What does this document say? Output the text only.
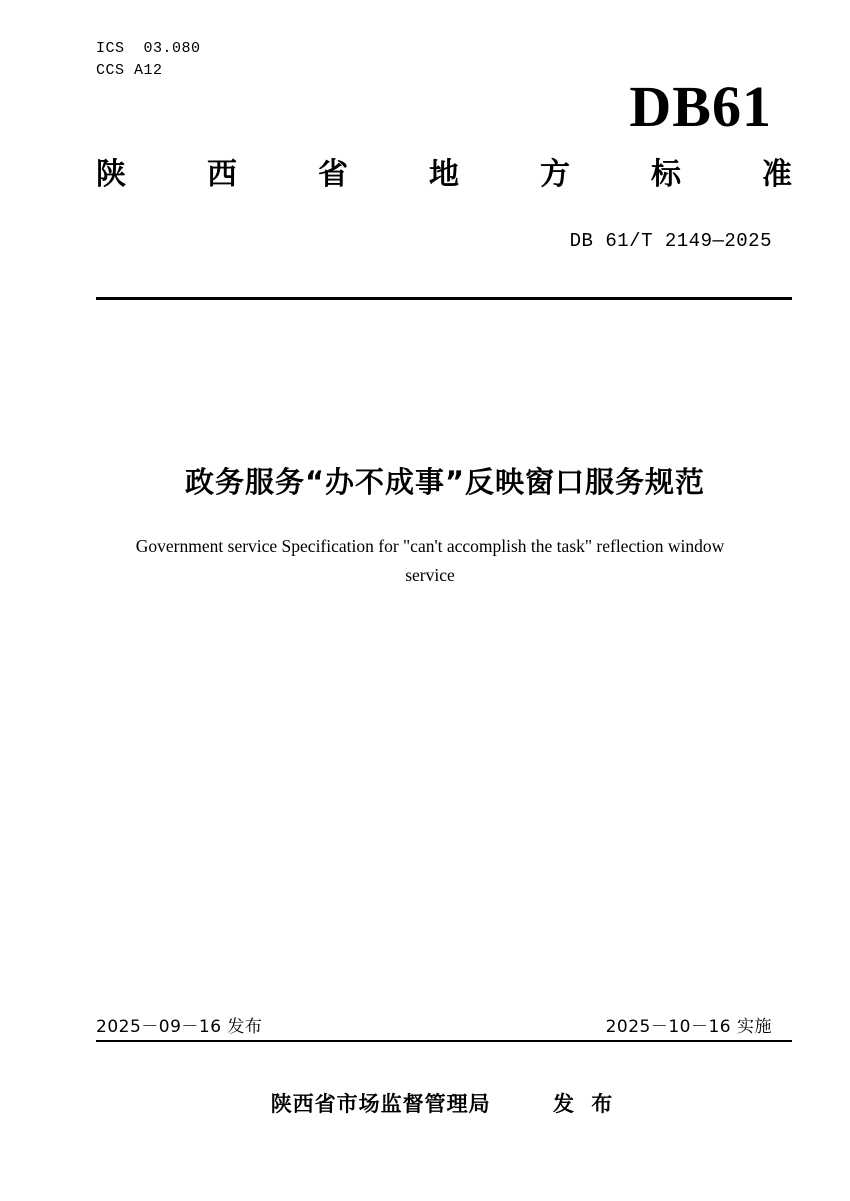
ICS  03.080
CCS A12
DB61
陕	西	省	地	方	标	准
DB 61/T 2149—2025
政务服务“办不成事”反映窗口服务规范
Government service Specification for "can't accomplish the task" reflection window
service
2025－09－16 发布	2025－10－16 实施
陕西省市场监督管理局	发 布
